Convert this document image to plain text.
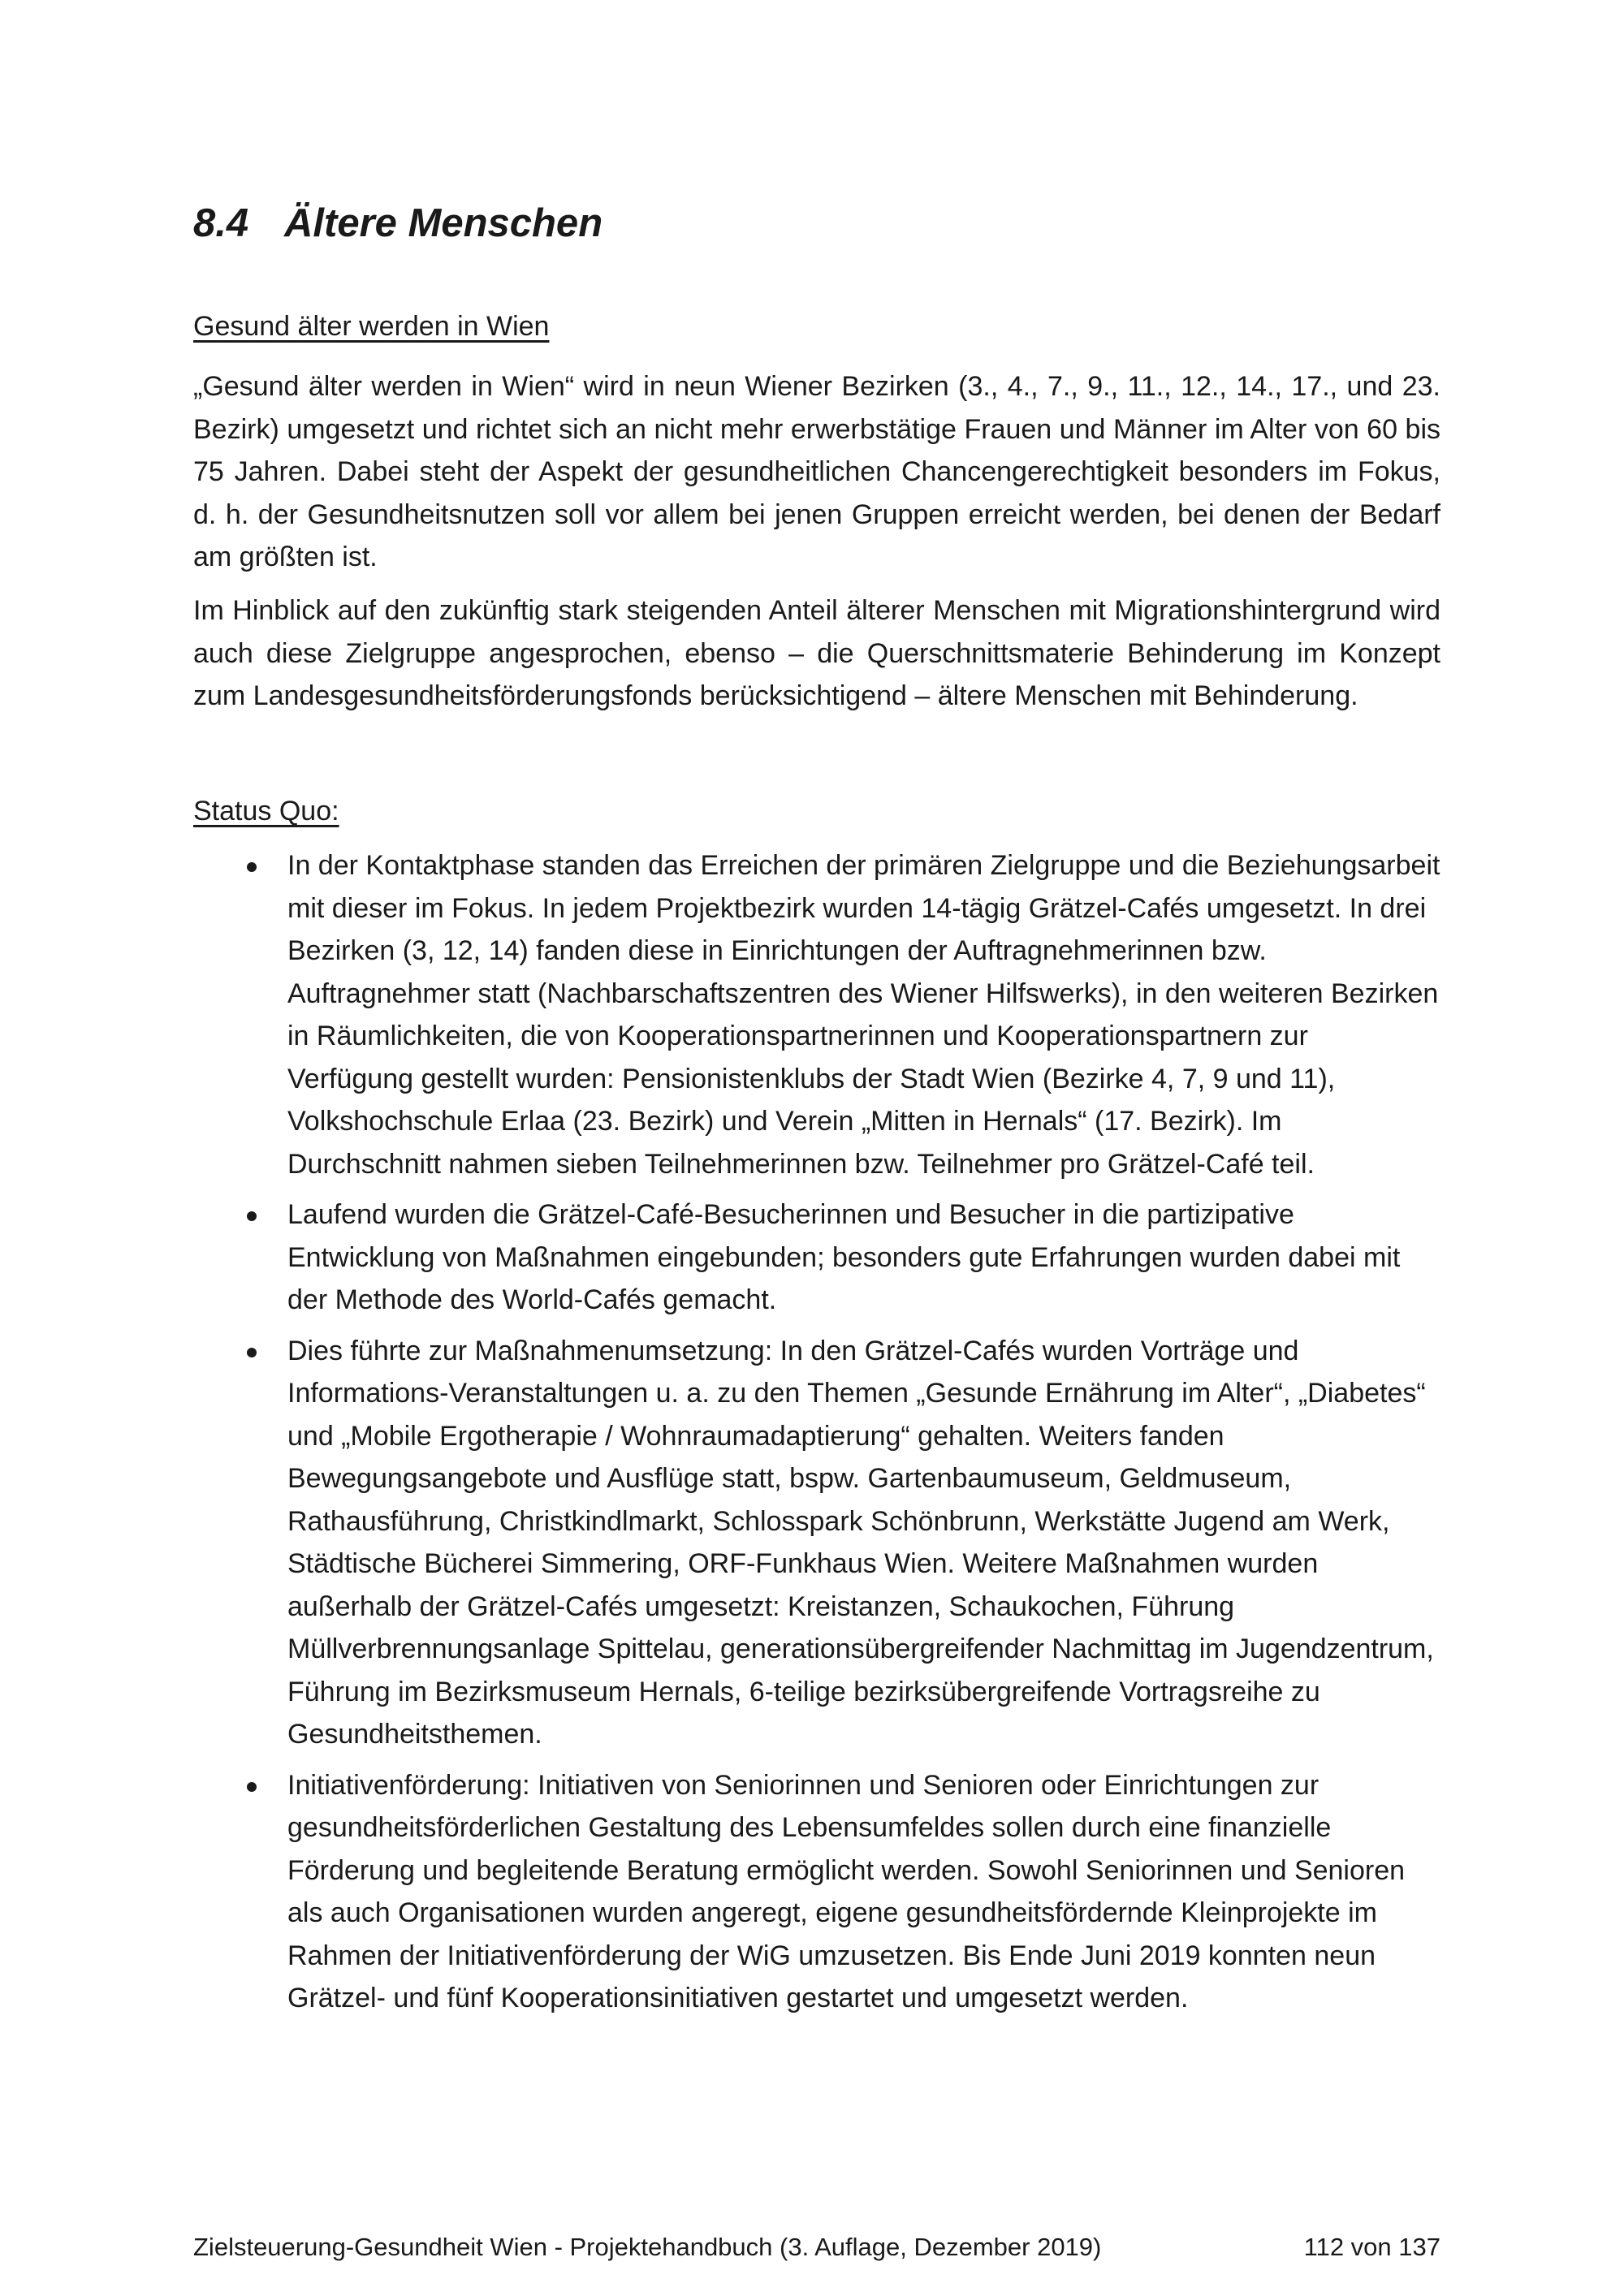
8.4 Ältere Menschen

Gesund älter werden in Wien

„Gesund älter werden in Wien“ wird in neun Wiener Bezirken (3., 4., 7., 9., 11., 12., 14., 17., und 23. Bezirk) umgesetzt und richtet sich an nicht mehr erwerbstätige Frauen und Männer im Alter von 60 bis 75 Jahren. Dabei steht der Aspekt der gesundheitlichen Chancengerechtigkeit besonders im Fokus, d. h. der Gesundheitsnutzen soll vor allem bei jenen Gruppen erreicht werden, bei denen der Bedarf am größten ist.

Im Hinblick auf den zukünftig stark steigenden Anteil älterer Menschen mit Migrationshintergrund wird auch diese Zielgruppe angesprochen, ebenso – die Querschnittsmaterie Behinderung im Konzept zum Landesgesundheitsförderungsfonds berücksichtigend – ältere Menschen mit Behinderung.

Status Quo:

In der Kontaktphase standen das Erreichen der primären Zielgruppe und die Beziehungsarbeit mit dieser im Fokus. In jedem Projektbezirk wurden 14-tägig Grätzel-Cafés umgesetzt. In drei Bezirken (3, 12, 14) fanden diese in Einrichtungen der Auftragnehmerinnen bzw. Auftragnehmer statt (Nachbarschaftszentren des Wiener Hilfswerks), in den weiteren Bezirken in Räumlichkeiten, die von Kooperationspartnerinnen und Kooperationspartnern zur Verfügung gestellt wurden: Pensionistenklubs der Stadt Wien (Bezirke 4, 7, 9 und 11), Volkshochschule Erlaa (23. Bezirk) und Verein „Mitten in Hernals“ (17. Bezirk). Im Durchschnitt nahmen sieben Teilnehmerinnen bzw. Teilnehmer pro Grätzel-Café teil.
Laufend wurden die Grätzel-Café-Besucherinnen und Besucher in die partizipative Entwicklung von Maßnahmen eingebunden; besonders gute Erfahrungen wurden dabei mit der Methode des World-Cafés gemacht.
Dies führte zur Maßnahmenumsetzung: In den Grätzel-Cafés wurden Vorträge und Informations-Veranstaltungen u. a. zu den Themen „Gesunde Ernährung im Alter“, „Diabetes“ und „Mobile Ergotherapie / Wohnraumadaptierung“ gehalten. Weiters fanden Bewegungsangebote und Ausflüge statt, bspw. Gartenbaumuseum, Geldmuseum, Rathausführung, Christkindlmarkt, Schlosspark Schönbrunn, Werkstätte Jugend am Werk, Städtische Bücherei Simmering, ORF-Funkhaus Wien. Weitere Maßnahmen wurden außerhalb der Grätzel-Cafés umgesetzt: Kreistanzen, Schaukochen, Führung Müllverbrennungsanlage Spittelau, generationsübergreifender Nachmittag im Jugendzentrum, Führung im Bezirksmuseum Hernals, 6-teilige bezirksübergreifende Vortragsreihe zu Gesundheitsthemen.
Initiativenförderung: Initiativen von Seniorinnen und Senioren oder Einrichtungen zur gesundheitsförderlichen Gestaltung des Lebensumfeldes sollen durch eine finanzielle Förderung und begleitende Beratung ermöglicht werden. Sowohl Seniorinnen und Senioren als auch Organisationen wurden angeregt, eigene gesundheitsfördernde Kleinprojekte im Rahmen der Initiativenförderung der WiG umzusetzen. Bis Ende Juni 2019 konnten neun Grätzel- und fünf Kooperationsinitiativen gestartet und umgesetzt werden.
Zielsteuerung-Gesundheit Wien - Projektehandbuch (3. Auflage, Dezember 2019)	112 von 137
